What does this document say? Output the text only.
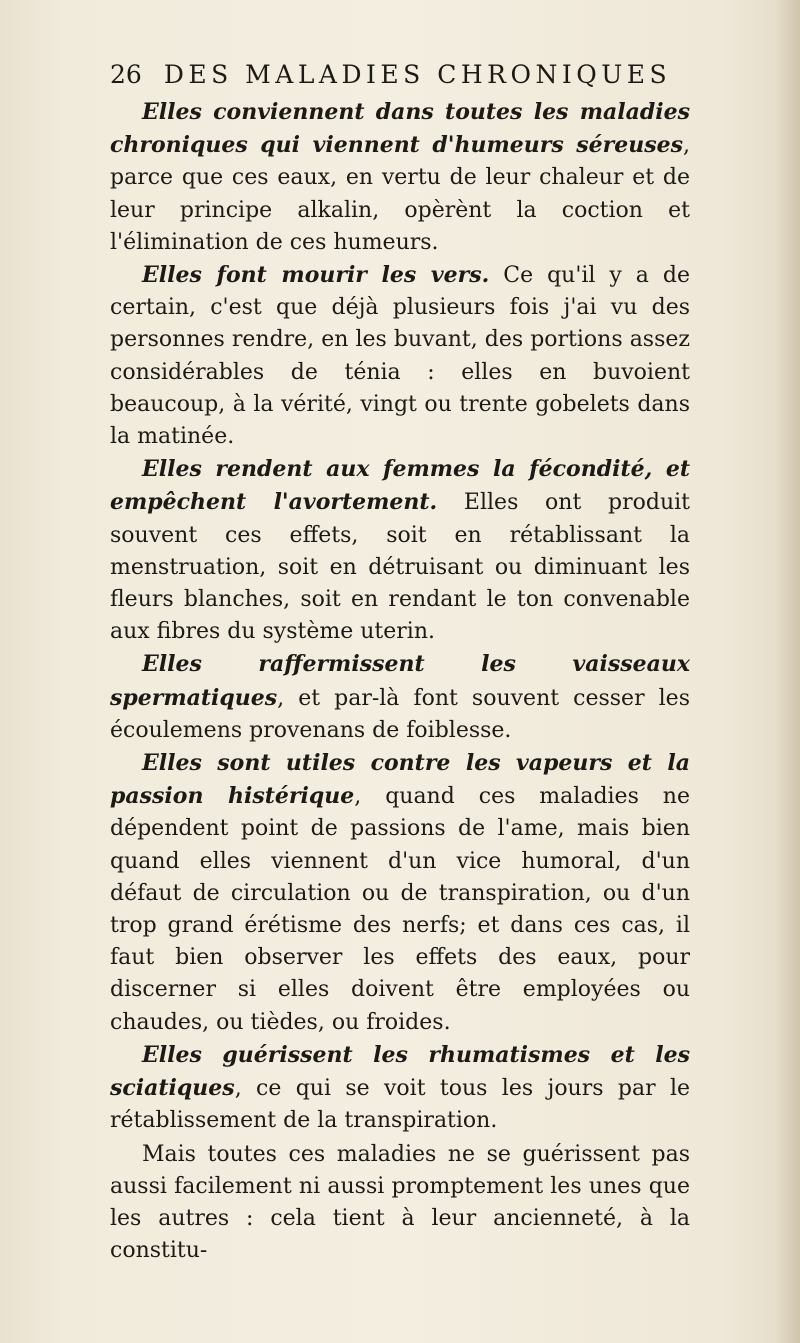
26 DES MALADIES CHRONIQUES

Elles conviennent dans toutes les maladies chroniques qui viennent d'humeurs séreuses, parce que ces eaux, en vertu de leur chaleur et de leur principe alkalin, opèrènt la coction et l'élimination de ces humeurs.

Elles font mourir les vers. Ce qu'il y a de certain, c'est que déjà plusieurs fois j'ai vu des personnes rendre, en les buvant, des portions assez considérables de ténia : elles en buvoient beaucoup, à la vérité, vingt ou trente gobelets dans la matinée.

Elles rendent aux femmes la fécondité, et empêchent l'avortement. Elles ont produit souvent ces effets, soit en rétablissant la menstruation, soit en détruisant ou diminuant les fleurs blanches, soit en rendant le ton convenable aux fibres du système uterin.

Elles raffermissent les vaisseaux spermatiques, et par-là font souvent cesser les écoulemens provenans de foiblesse.

Elles sont utiles contre les vapeurs et la passion histérique, quand ces maladies ne dépendent point de passions de l'ame, mais bien quand elles viennent d'un vice humoral, d'un défaut de circulation ou de transpiration, ou d'un trop grand érétisme des nerfs; et dans ces cas, il faut bien observer les effets des eaux, pour discerner si elles doivent être employées ou chaudes, ou tièdes, ou froides.

Elles guérissent les rhumatismes et les sciatiques, ce qui se voit tous les jours par le rétablissement de la transpiration.

Mais toutes ces maladies ne se guérissent pas aussi facilement ni aussi promptement les unes que les autres : cela tient à leur ancienneté, à la constitu-
